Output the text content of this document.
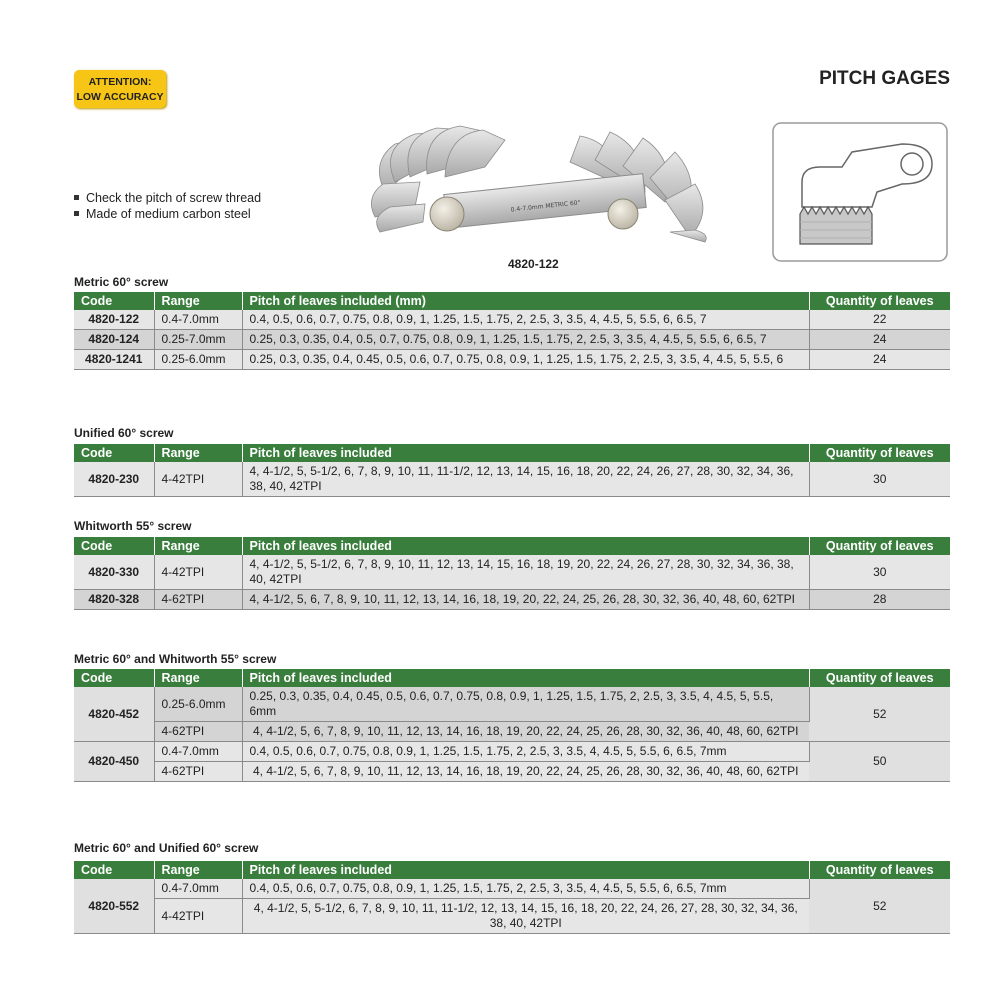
ATTENTION:
LOW ACCURACY
PITCH GAGES
Check the pitch of screw thread
Made of medium carbon steel
0.4-7.0mm METRIC 60°
4820-122
Metric 60° screw
Code	Range	Pitch of leaves included (mm)	Quantity of leaves
4820-122	0.4-7.0mm	0.4, 0.5, 0.6, 0.7, 0.75, 0.8, 0.9, 1, 1.25, 1.5, 1.75, 2, 2.5, 3, 3.5, 4, 4.5, 5, 5.5, 6, 6.5, 7	22
4820-124	0.25-7.0mm	0.25, 0.3, 0.35, 0.4, 0.5, 0.7, 0.75, 0.8, 0.9, 1, 1.25, 1.5, 1.75, 2, 2.5, 3, 3.5, 4, 4.5, 5, 5.5, 6, 6.5, 7	24
4820-1241	0.25-6.0mm	0.25, 0.3, 0.35, 0.4, 0.45, 0.5, 0.6, 0.7, 0.75, 0.8, 0.9, 1, 1.25, 1.5, 1.75, 2, 2.5, 3, 3.5, 4, 4.5, 5, 5.5, 6	24
Unified 60° screw
Code	Range	Pitch of leaves included	Quantity of leaves
4820-230	4-42TPI	4, 4-1/2, 5, 5-1/2, 6, 7, 8, 9, 10, 11, 11-1/2, 12, 13, 14, 15, 16, 18, 20, 22, 24, 26, 27, 28, 30, 32, 34, 36, 38, 40, 42TPI	30
Whitworth 55° screw
Code	Range	Pitch of leaves included	Quantity of leaves
4820-330	4-42TPI	4, 4-1/2, 5, 5-1/2, 6, 7, 8, 9, 10, 11, 12, 13, 14, 15, 16, 18, 19, 20, 22, 24, 26, 27, 28, 30, 32, 34, 36, 38, 40, 42TPI	30
4820-328	4-62TPI	4, 4-1/2, 5, 6, 7, 8, 9, 10, 11, 12, 13, 14, 16, 18, 19, 20, 22, 24, 25, 26, 28, 30, 32, 36, 40, 48, 60, 62TPI	28
Metric 60° and Whitworth 55° screw
Code	Range	Pitch of leaves included	Quantity of leaves
4820-452	0.25-6.0mm	0.25, 0.3, 0.35, 0.4, 0.45, 0.5, 0.6, 0.7, 0.75, 0.8, 0.9, 1, 1.25, 1.5, 1.75, 2, 2.5, 3, 3.5, 4, 4.5, 5, 5.5, 6mm	52
	4-62TPI	4, 4-1/2, 5, 6, 7, 8, 9, 10, 11, 12, 13, 14, 16, 18, 19, 20, 22, 24, 25, 26, 28, 30, 32, 36, 40, 48, 60, 62TPI	
4820-450	0.4-7.0mm	0.4, 0.5, 0.6, 0.7, 0.75, 0.8, 0.9, 1, 1.25, 1.5, 1.75, 2, 2.5, 3, 3.5, 4, 4.5, 5, 5.5, 6, 6.5, 7mm	50
	4-62TPI	4, 4-1/2, 5, 6, 7, 8, 9, 10, 11, 12, 13, 14, 16, 18, 19, 20, 22, 24, 25, 26, 28, 30, 32, 36, 40, 48, 60, 62TPI	
Metric 60° and Unified 60° screw
Code	Range	Pitch of leaves included	Quantity of leaves
4820-552	0.4-7.0mm	0.4, 0.5, 0.6, 0.7, 0.75, 0.8, 0.9, 1, 1.25, 1.5, 1.75, 2, 2.5, 3, 3.5, 4, 4.5, 5, 5.5, 6, 6.5, 7mm	52
	4-42TPI	4, 4-1/2, 5, 5-1/2, 6, 7, 8, 9, 10, 11, 11-1/2, 12, 13, 14, 15, 16, 18, 20, 22, 24, 26, 27, 28, 30, 32, 34, 36, 38, 40, 42TPI	
